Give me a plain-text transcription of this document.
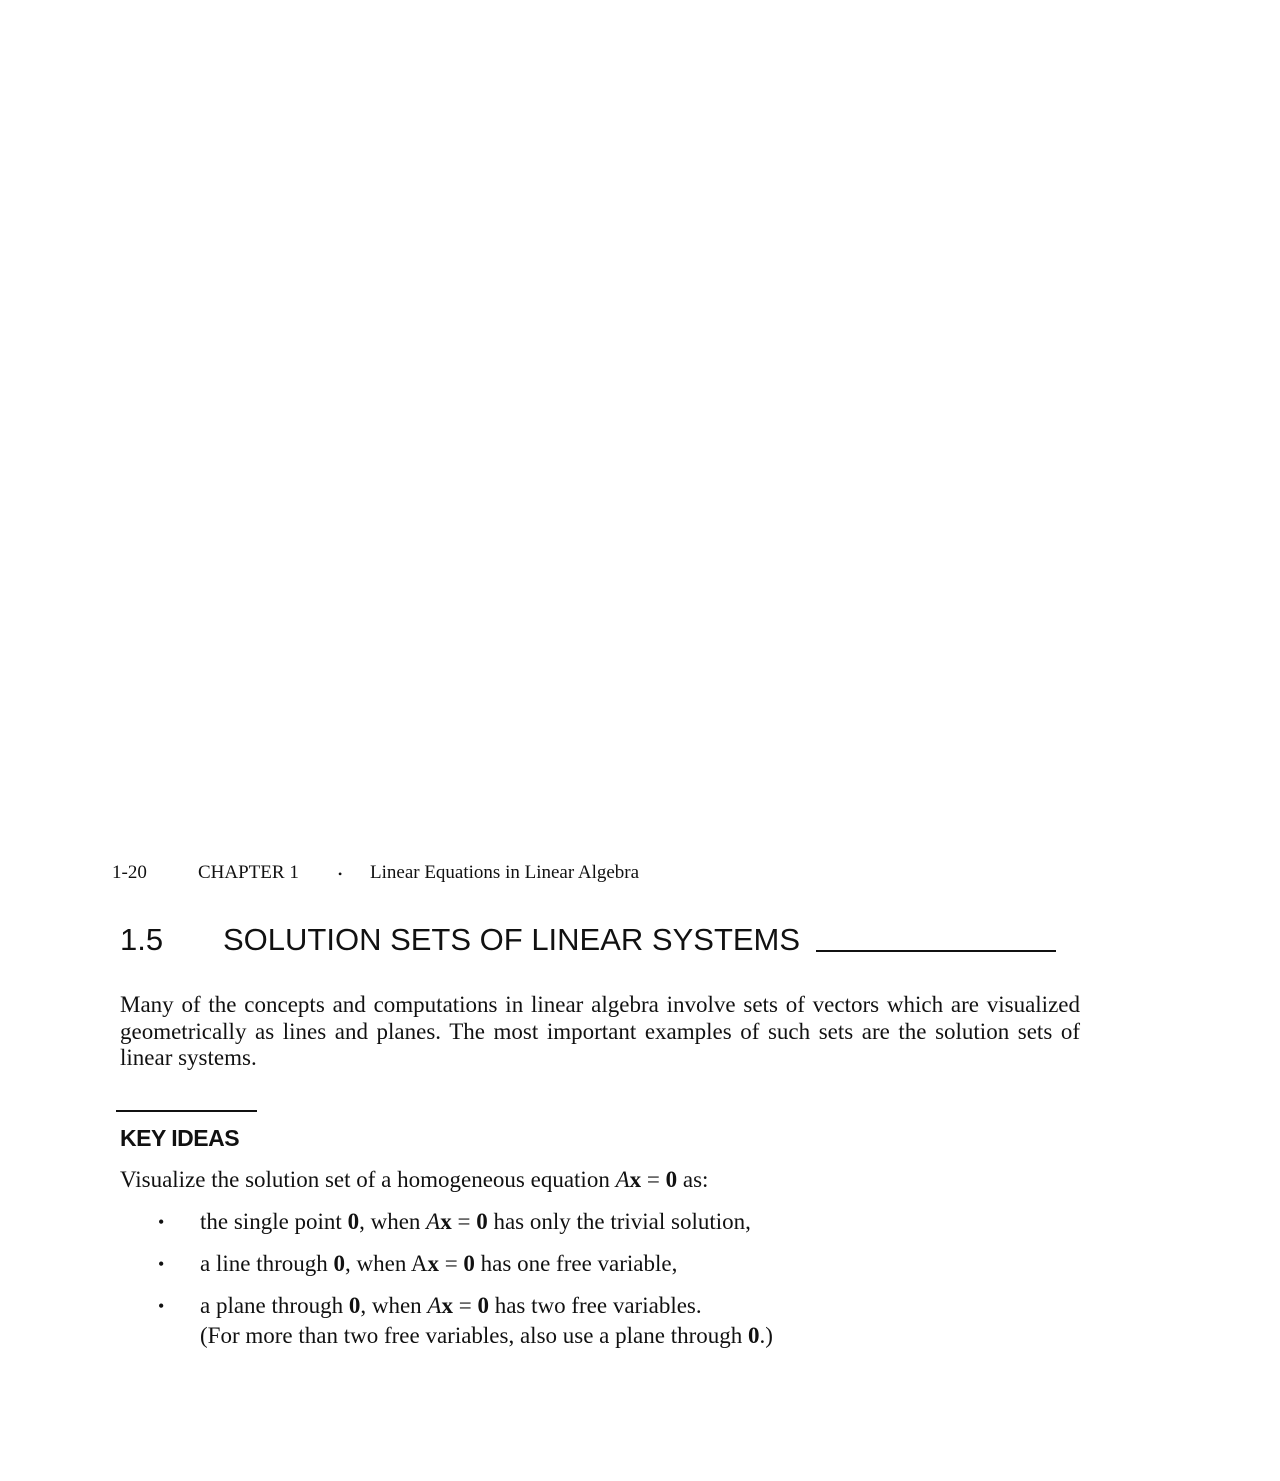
1-20	CHAPTER 1	• Linear Equations in Linear Algebra
1.5 SOLUTION SETS OF LINEAR SYSTEMS

Many of the concepts and computations in linear algebra involve sets of vectors which are visualized geometrically as lines and planes. The most important examples of such sets are the solution sets of linear systems.

KEY IDEAS
Visualize the solution set of a homogeneous equation Ax = 0 as:
• the single point 0, when Ax = 0 has only the trivial solution,
• a line through 0, when Ax = 0 has one free variable,
• a plane through 0, when Ax = 0 has two free variables.
(For more than two free variables, also use a plane through 0.)
